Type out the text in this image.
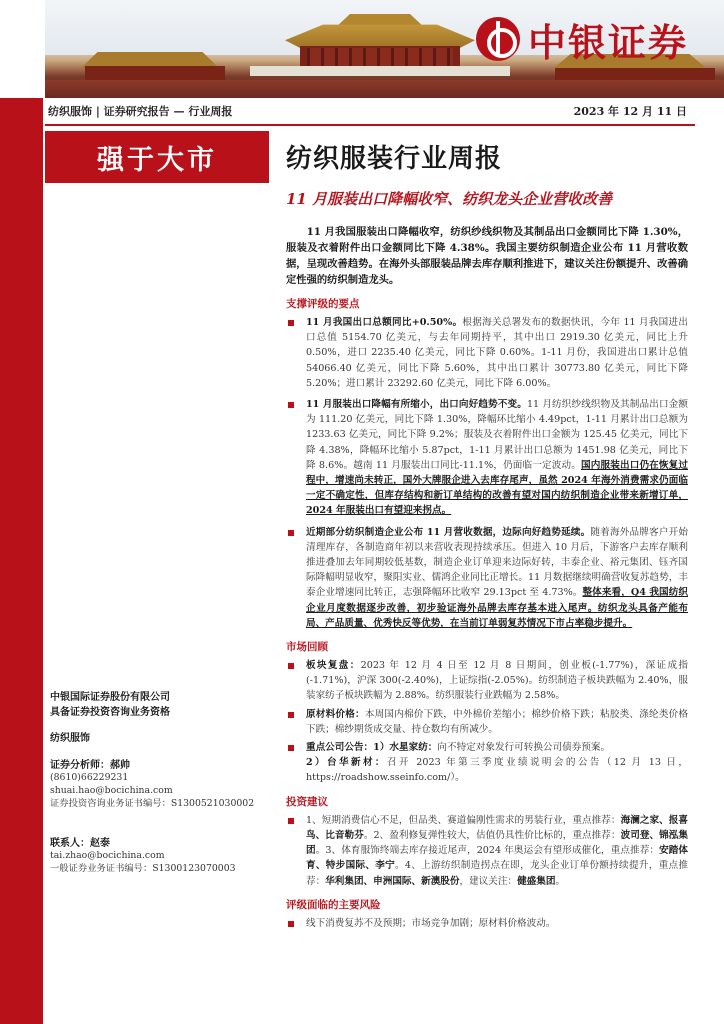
中银证券
纺织服饰 | 证券研究报告 — 行业周报	2023 年 12 月 11 日
强于大市	纺织服装行业周报
11 月服装出口降幅收窄、纺织龙头企业营收改善

11 月我国服装出口降幅收窄，纺织纱线织物及其制品出口金额同比下降 1.30%，服装及衣着附件出口金额同比下降 4.38%。我国主要纺织制造企业公布 11 月营收数据，呈现改善趋势。在海外头部服装品牌去库存顺利推进下，建议关注份额提升、改善确定性强的纺织制造龙头。

支撑评级的要点
11 月我国出口总额同比+0.50%。根据海关总署发布的数据快讯，今年 11 月我国进出口总值 5154.70 亿美元，与去年同期持平，其中出口 2919.30 亿美元，同比上升 0.50%，进口 2235.40 亿美元，同比下降 0.60%。1-11 月份，我国进出口累计总值 54066.40 亿美元，同比下降 5.60%，其中出口累计 30773.80 亿美元，同比下降 5.20%；进口累计 23292.60 亿美元，同比下降 6.00%。
11 月服装出口降幅有所缩小，出口向好趋势不变。11 月纺织纱线织物及其制品出口金额为 111.20 亿美元，同比下降 1.30%，降幅环比缩小 4.49pct，1-11 月累计出口总额为 1233.63 亿美元，同比下降 9.2%；服装及衣着附件出口金额为 125.45 亿美元，同比下降 4.38%，降幅环比缩小 5.87pct，1-11 月累计出口总额为 1451.98 亿美元，同比下降 8.6%。越南 11 月服装出口同比-11.1%，仍面临一定波动。国内服装出口仍在恢复过程中，增速尚未转正，国外大牌服企进入去库存尾声，虽然 2024 年海外消费需求仍面临一定不确定性，但库存结构和新订单结构的改善有望对国内纺织制造企业带来新增订单，2024 年服装出口有望迎来拐点。
近期部分纺织制造企业公布 11 月营收数据，边际向好趋势延续。随着海外品牌客户开始清理库存，各制造商年初以来营收表现持续承压。但进入 10 月后，下游客户去库存顺利推进叠加去年同期较低基数，制造企业订单迎来边际好转，丰泰企业、裕元集团、钰齐国际降幅明显收窄，聚阳实业、儒鸿企业同比正增长。11 月数据继续明确营收复苏趋势，丰泰企业增速同比转正，志强降幅环比收窄 29.13pct 至 4.73%。整体来看，Q4 我国纺织企业月度数据逐步改善，初步验证海外品牌去库存基本进入尾声。纺织龙头具备产能布局、产品质量、优秀快反等优势，在当前订单弱复苏情况下市占率稳步提升。
市场回顾
板块复盘：2023 年 12 月 4 日至 12 月 8 日期间，创业板(-1.77%)，深证成指(-1.71%)，沪深 300(-2.40%)，上证综指(-2.05%)。纺织制造子板块跌幅为 2.40%，服装家纺子板块跌幅为 2.88%。纺织服装行业跌幅为 2.58%。
原材料价格：本周国内棉价下跌，中外棉价差缩小；棉纱价格下跌；粘胶类、涤纶类价格下跌；棉纱期货成交量、持仓数均有所减少。
重点公司公告：1）水星家纺：向不特定对象发行可转换公司债券预案。
2）台华新材：召开 2023 年第三季度业绩说明会的公告（12 月 13 日，https://roadshow.sseinfo.com/）。
投资建议
1、短期消费信心不足，但品类、赛道偏刚性需求的男装行业，重点推荐：海澜之家、报喜鸟、比音勒芬。2、盈利修复弹性较大，估值仍具性价比标的，重点推荐：波司登、锦泓集团。3、体育服饰终端去库存接近尾声，2024 年奥运会有望形成催化，重点推荐：安踏体育、特步国际、李宁。4、上游纺织制造拐点在即，龙头企业订单份额持续提升，重点推荐：华利集团、申洲国际、新澳股份，建议关注：健盛集团。
评级面临的主要风险
线下消费复苏不及预期；市场竞争加剧；原材料价格波动。
中银国际证券股份有限公司
具备证券投资咨询业务资格
纺织服饰
证券分析师：郝帅
(8610)66229231
shuai.hao@bocichina.com
证券投资咨询业务证书编号：S1300521030002
联系人：赵泰
tai.zhao@bocichina.com
一般证券业务证书编号：S1300123070003
